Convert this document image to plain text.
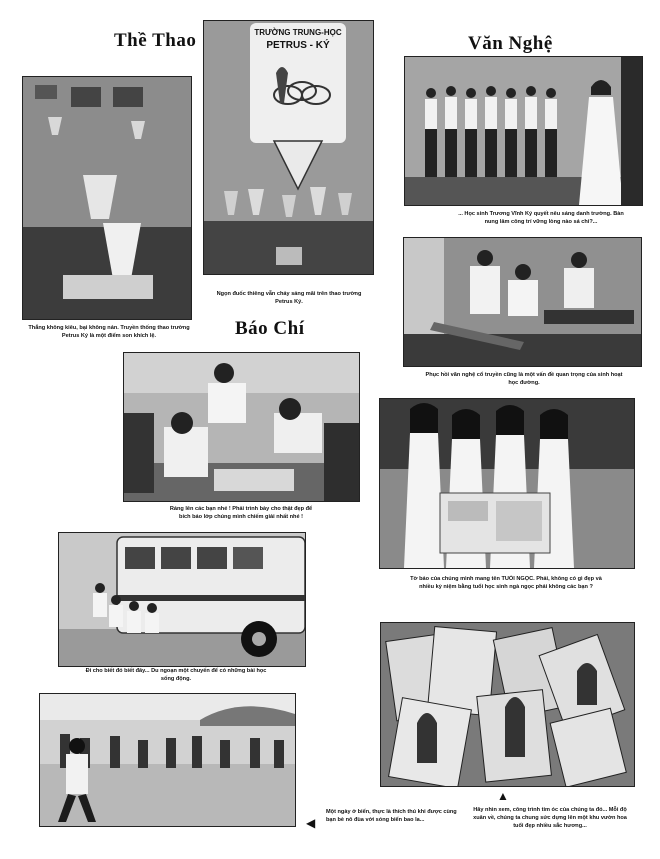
Thề Thao	Văn Nghệ
Báo Chí
Thắng không kiêu, bại không nản. Truyền thống thao trường Petrus Ký là một điểm son khích lệ.
TRƯỜNG TRUNG-HỌC
PETRUS - KÝ
Ngọn đuốc thiêng vẫn cháy sáng mãi trên thao trường Petrus Ký.
... Học sinh Trương Vĩnh Ký quyết nêu sáng danh trường. Bàn nung lâm công trí vững lòng nào sá chi?...
Phục hồi văn nghệ cổ truyền cũng là một vấn đề quan trọng của sinh hoạt học đường.
Ráng lên các bạn nhé ! Phải trình bày cho thật đẹp để bích báo lớp chúng mình chiếm giải nhất nhé !
Tờ báo của chúng mình mang tên TUỔI NGỌC. Phải, không có gì đẹp và nhiều kỷ niệm bằng tuổi học sinh ngà ngọc phải không các bạn ?
Đi cho biết đó biết đây... Du ngoạn một chuyến để có những bài học sống động.
◀
Một ngày ở biển, thực là thích thú khi được cùng bạn bè nô đùa với sóng biển bao la...
▲
Hãy nhìn xem, công trình tim óc của chúng ta đó... Mỗi độ xuân về, chúng ta chung sức dựng lên một khu vườn hoa tuổi đẹp nhiều sắc hương...
